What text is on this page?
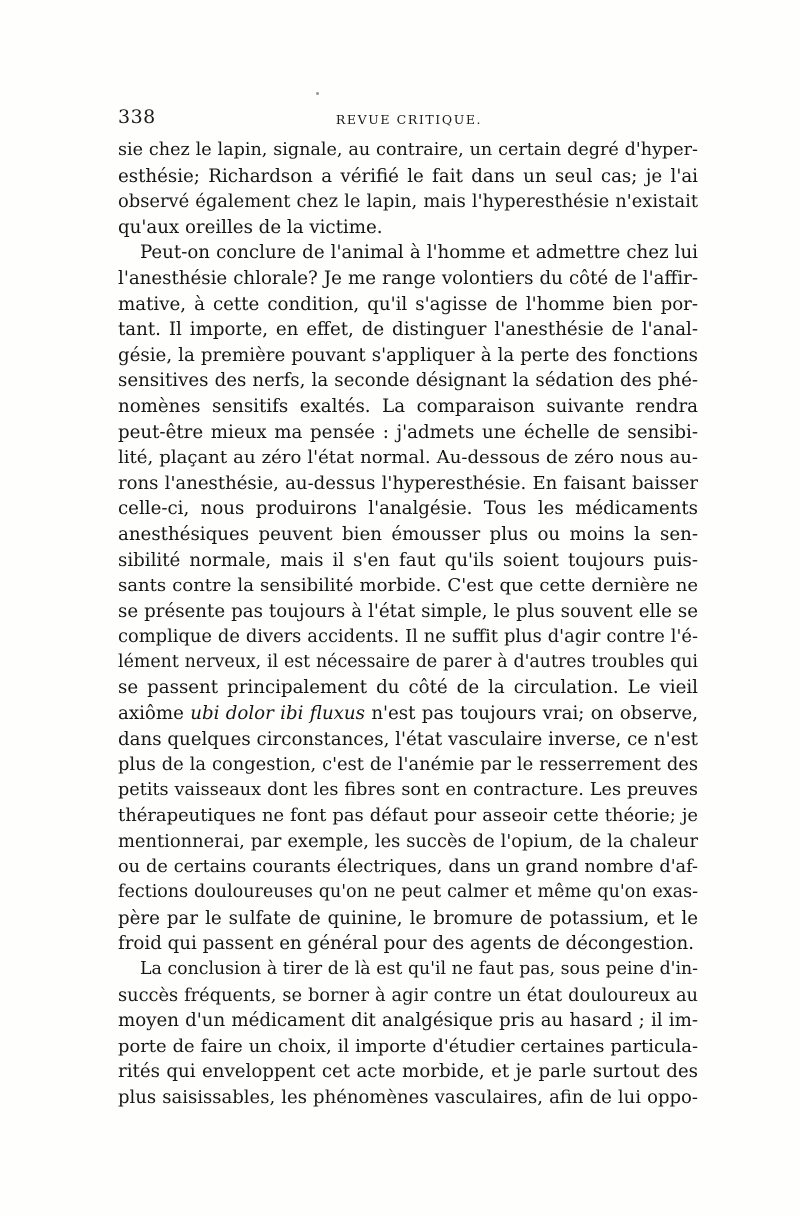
338	REVUE CRITIQUE.
sie chez le lapin, signale, au contraire, un certain degré d'hyper-
esthésie; Richardson a vérifié le fait dans un seul cas; je l'ai
observé également chez le lapin, mais l'hyperesthésie n'existait
qu'aux oreilles de la victime.
Peut-on conclure de l'animal à l'homme et admettre chez lui
l'anesthésie chlorale? Je me range volontiers du côté de l'affir-
mative, à cette condition, qu'il s'agisse de l'homme bien por-
tant. Il importe, en effet, de distinguer l'anesthésie de l'anal-
gésie, la première pouvant s'appliquer à la perte des fonctions
sensitives des nerfs, la seconde désignant la sédation des phé-
nomènes sensitifs exaltés. La comparaison suivante rendra
peut-être mieux ma pensée : j'admets une échelle de sensibi-
lité, plaçant au zéro l'état normal. Au-dessous de zéro nous au-
rons l'anesthésie, au-dessus l'hyperesthésie. En faisant baisser
celle-ci, nous produirons l'analgésie. Tous les médicaments
anesthésiques peuvent bien émousser plus ou moins la sen-
sibilité normale, mais il s'en faut qu'ils soient toujours puis-
sants contre la sensibilité morbide. C'est que cette dernière ne
se présente pas toujours à l'état simple, le plus souvent elle se
complique de divers accidents. Il ne suffit plus d'agir contre l'é-
lément nerveux, il est nécessaire de parer à d'autres troubles qui
se passent principalement du côté de la circulation. Le vieil
axiôme ubi dolor ibi fluxus n'est pas toujours vrai; on observe,
dans quelques circonstances, l'état vasculaire inverse, ce n'est
plus de la congestion, c'est de l'anémie par le resserrement des
petits vaisseaux dont les fibres sont en contracture. Les preuves
thérapeutiques ne font pas défaut pour asseoir cette théorie; je
mentionnerai, par exemple, les succès de l'opium, de la chaleur
ou de certains courants électriques, dans un grand nombre d'af-
fections douloureuses qu'on ne peut calmer et même qu'on exas-
père par le sulfate de quinine, le bromure de potassium, et le
froid qui passent en général pour des agents de décongestion.
La conclusion à tirer de là est qu'il ne faut pas, sous peine d'in-
succès fréquents, se borner à agir contre un état douloureux au
moyen d'un médicament dit analgésique pris au hasard ; il im-
porte de faire un choix, il importe d'étudier certaines particula-
rités qui enveloppent cet acte morbide, et je parle surtout des
plus saisissables, les phénomènes vasculaires, afin de lui oppo-
